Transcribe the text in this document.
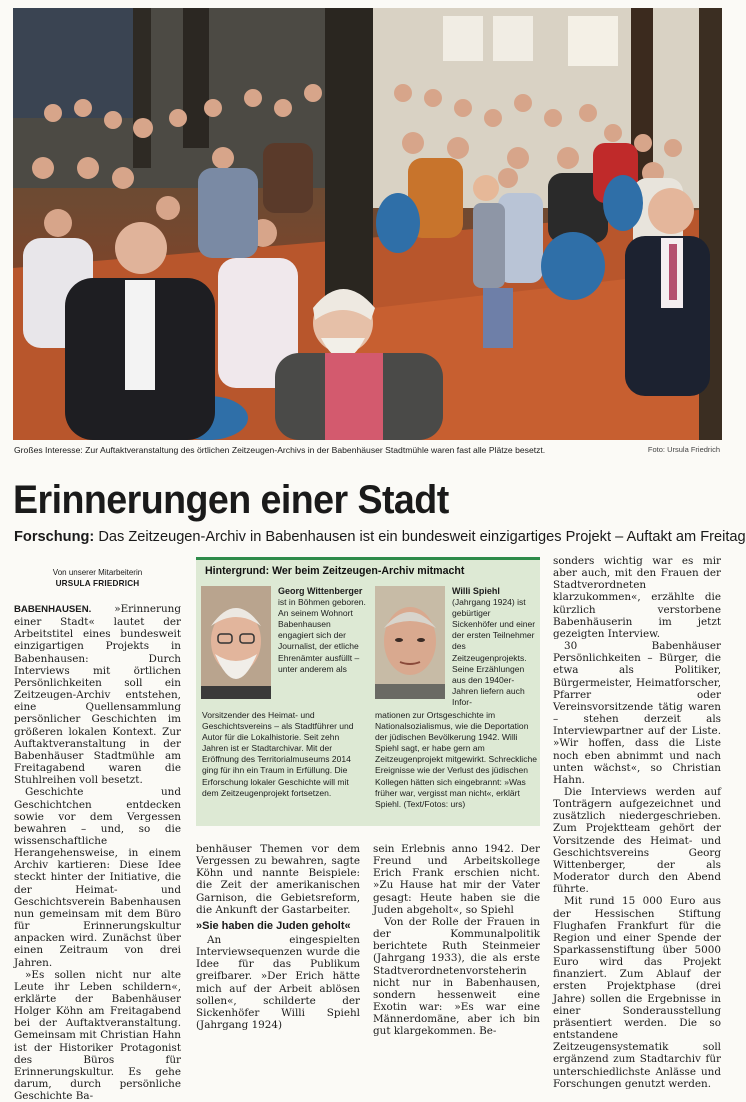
Großes Interesse: Zur Auftaktveranstaltung des örtlichen Zeitzeugen-Archivs in der Babenhäuser Stadtmühle waren fast alle Plätze besetzt.	Foto: Ursula Friedrich
Erinnerungen einer Stadt
Forschung: Das Zeitzeugen-Archiv in Babenhausen ist ein bundesweit einzigartiges Projekt – Auftakt am Freitag
Von unserer Mitarbeiterin
URSULA FRIEDRICH

BABENHAUSEN. »Erinnerung einer Stadt« lautet der Arbeitstitel eines bundesweit einzigartigen Projekts in Babenhausen: Durch Interviews mit örtlichen Persönlichkeiten soll ein Zeitzeugen-Archiv entstehen, eine Quellensammlung persönlicher Geschichten im größeren lokalen Kontext. Zur Auftaktveranstaltung in der Babenhäuser Stadtmühle am Freitagabend waren die Stuhlreihen voll besetzt.

Geschichte und Geschichtchen entdecken sowie vor dem Vergessen bewahren – und, so die wissenschaftliche Herangehensweise, in einem Archiv kartieren: Diese Idee steckt hinter der Initiative, die der Heimat- und Geschichtsverein Babenhausen nun gemeinsam mit dem Büro für Erinnerungskultur anpacken wird. Zunächst über einen Zeitraum von drei Jahren.

»Es sollen nicht nur alte Leute ihr Leben schildern«, erklärte der Babenhäuser Holger Köhn am Freitagabend bei der Auftaktveranstaltung. Gemeinsam mit Christian Hahn ist der Historiker Protagonist des Büros für Erinnerungskultur. Es gehe darum, durch persönliche Geschichte Ba-

Hintergrund: Wer beim Zeitzeugen-Archiv mitmacht
Georg Wittenberger ist in Böhmen geboren. An seinem Wohnort Babenhausen engagiert sich der Journalist, der etliche Ehrenämter ausfüllt – unter anderem als
Vorsitzender des Heimat- und Geschichtsvereins – als Stadtführer und Autor für die Lokalhistorie. Seit zehn Jahren ist er Stadtarchivar. Mit der Eröffnung des Territorialmuseums 2014 ging für ihn ein Traum in Erfüllung. Die Erforschung lokaler Geschichte will mit dem Zeitzeugenprojekt fortsetzen.
Willi Spiehl (Jahrgang 1924) ist gebürtiger Sickenhöfer und einer der ersten Teilnehmer des Zeitzeugenprojekts. Seine Erzählungen aus den 1940er-Jahren liefern auch Infor-
mationen zur Ortsgeschichte im Nationalsozialismus, wie die Deportation der jüdischen Bevölkerung 1942. Willi Spiehl sagt, er habe gern am Zeitzeugenprojekt mitgewirkt. Schreckliche Ereignisse wie der Verlust des jüdischen Kollegen hätten sich eingebrannt: »Was früher war, vergisst man nicht«, erklärt Spiehl. (Text/Fotos: urs)

benhäuser Themen vor dem Vergessen zu bewahren, sagte Köhn und nannte Beispiele: die Zeit der amerikanischen Garnison, die Gebietsreform, die Ankunft der Gastarbeiter.

»Sie haben die Juden geholt«

An eingespielten Interviewsequenzen wurde die Idee für das Publikum greifbarer. »Der Erich hätte mich auf der Arbeit ablösen sollen«, schilderte der Sickenhöfer Willi Spiehl (Jahrgang 1924)

sein Erlebnis anno 1942. Der Freund und Arbeitskollege Erich Frank erschien nicht. »Zu Hause hat mir der Vater gesagt: Heute haben sie die Juden abgeholt«, so Spiehl

Von der Rolle der Frauen in der Kommunalpolitik berichtete Ruth Steinmeier (Jahrgang 1933), die als erste Stadtverordnetenvorsteherin nicht nur in Babenhausen, sondern hessenweit eine Exotin war: »Es war eine Männerdomäne, aber ich bin gut klargekommen. Be-

sonders wichtig war es mir aber auch, mit den Frauen der Stadtverordneten klarzukommen«, erzählte die kürzlich verstorbene Babenhäuserin im jetzt gezeigten Interview.

30 Babenhäuser Persönlichkeiten – Bürger, die etwa als Politiker, Bürgermeister, Heimatforscher, Pfarrer oder Vereinsvorsitzende tätig waren – stehen derzeit als Interviewpartner auf der Liste. »Wir hoffen, dass die Liste noch eben abnimmt und nach unten wächst«, so Christian Hahn.

Die Interviews werden auf Tonträgern aufgezeichnet und zusätzlich niedergeschrieben. Zum Projektteam gehört der Vorsitzende des Heimat- und Geschichtsvereins Georg Wittenberger, der als Moderator durch den Abend führte.

Mit rund 15 000 Euro aus der Hessischen Stiftung Flughafen Frankfurt für die Region und einer Spende der Sparkassenstiftung über 5000 Euro wird das Projekt finanziert. Zum Ablauf der ersten Projektphase (drei Jahre) sollen die Ergebnisse in einer Sonderausstellung präsentiert werden. Die so entstandene Zeitzeugensystematik soll ergänzend zum Stadtarchiv für unterschiedlichste Anlässe und Forschungen genutzt werden.
